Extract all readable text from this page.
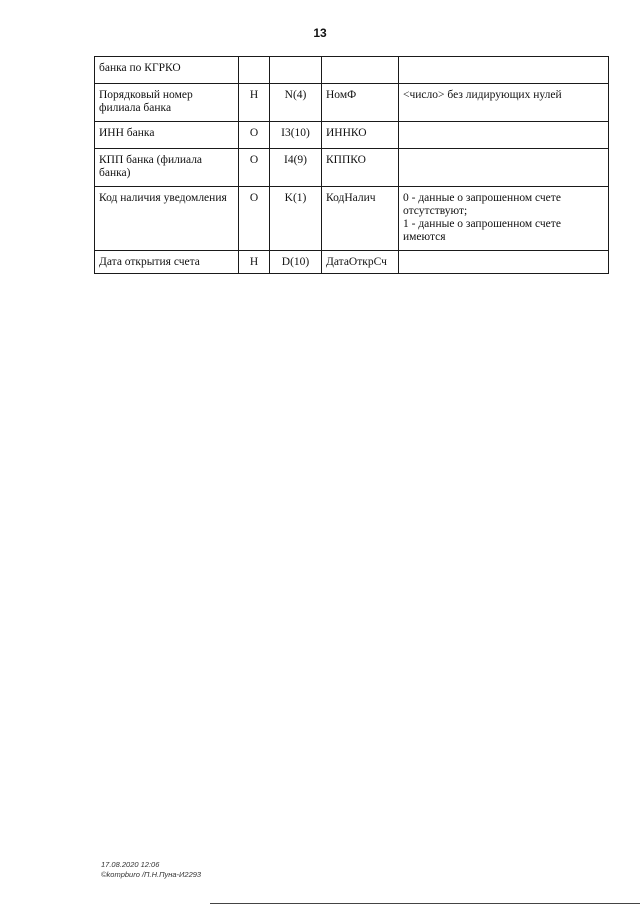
13
банка по КГРКО				
Порядковый номер филиала банка	Н	N(4)	НомФ	<число> без лидирующих нулей
ИНН банка	О	I3(10)	ИННКО	
КПП банка (филиала банка)	О	I4(9)	КППКО	
Код наличия уведомления	О	K(1)	КодНалич	0 - данные о запрошенном счете отсутствуют;
1 - данные о запрошенном счете имеются
Дата открытия счета	Н	D(10)	ДатаОткрСч	
17.08.2020 12:06
©kompburo /П.Н.Пуна-И2293
